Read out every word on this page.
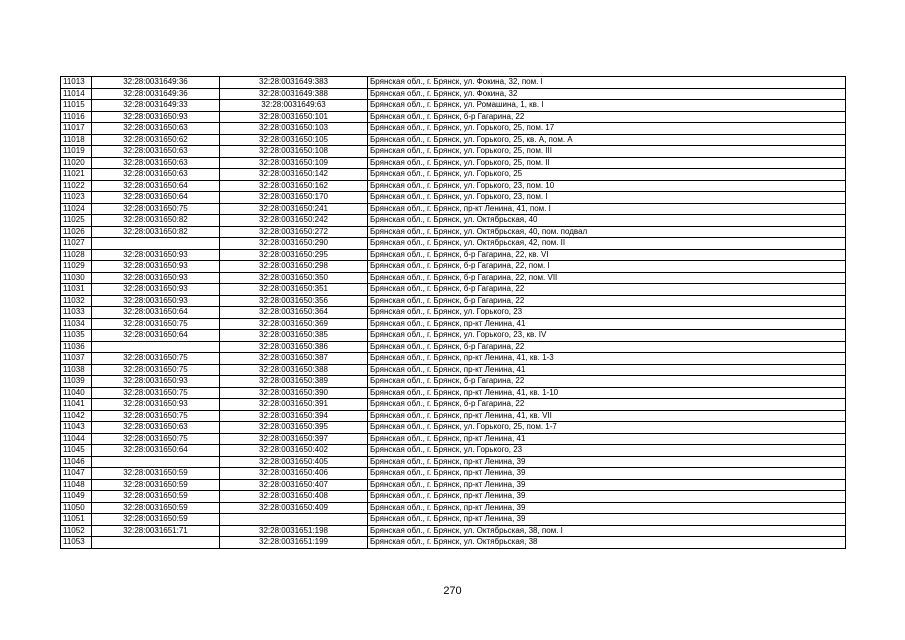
11013	32:28:0031649:36	32:28:0031649:383	Брянская обл., г. Брянск, ул. Фокина, 32, пом. I
11014	32:28:0031649:36	32:28:0031649:388	Брянская обл., г. Брянск, ул. Фокина, 32
11015	32:28:0031649:33	32:28:0031649:63	Брянская обл., г. Брянск, ул. Ромашина, 1, кв. I
11016	32:28:0031650:93	32:28:0031650:101	Брянская обл., г. Брянск, б-р Гагарина, 22
11017	32:28:0031650:63	32:28:0031650:103	Брянская обл., г. Брянск, ул. Горького, 25, пом. 17
11018	32:28:0031650:62	32:28:0031650:105	Брянская обл., г. Брянск, ул. Горького, 25, кв. А, пом. А
11019	32:28:0031650:63	32:28:0031650:108	Брянская обл., г. Брянск, ул. Горького, 25, пом. III
11020	32:28:0031650:63	32:28:0031650:109	Брянская обл., г. Брянск, ул. Горького, 25, пом. II
11021	32:28:0031650:63	32:28:0031650:142	Брянская обл., г. Брянск, ул. Горького, 25
11022	32:28:0031650:64	32:28:0031650:162	Брянская обл., г. Брянск, ул. Горького, 23, пом. 10
11023	32:28:0031650:64	32:28:0031650:170	Брянская обл., г. Брянск, ул. Горького, 23, пом. I
11024	32:28:0031650:75	32:28:0031650:241	Брянская обл., г. Брянск, пр-кт Ленина, 41, пом. I
11025	32:28:0031650:82	32:28:0031650:242	Брянская обл., г. Брянск, ул. Октябрьская, 40
11026	32:28:0031650:82	32:28:0031650:272	Брянская обл., г. Брянск, ул. Октябрьская, 40, пом. подвал
11027		32:28:0031650:290	Брянская обл., г. Брянск, ул. Октябрьская, 42, пом. II
11028	32:28:0031650:93	32:28:0031650:295	Брянская обл., г. Брянск, б-р Гагарина, 22, кв. VI
11029	32:28:0031650:93	32:28:0031650:298	Брянская обл., г. Брянск, б-р Гагарина, 22, пом. I
11030	32:28:0031650:93	32:28:0031650:350	Брянская обл., г. Брянск, б-р Гагарина, 22, пом. VII
11031	32:28:0031650:93	32:28:0031650:351	Брянская обл., г. Брянск, б-р Гагарина, 22
11032	32:28:0031650:93	32:28:0031650:356	Брянская обл., г. Брянск, б-р Гагарина, 22
11033	32:28:0031650:64	32:28:0031650:364	Брянская обл., г. Брянск, ул. Горького, 23
11034	32:28:0031650:75	32:28:0031650:369	Брянская обл., г. Брянск, пр-кт Ленина, 41
11035	32:28:0031650:64	32:28:0031650:385	Брянская обл., г. Брянск, ул. Горького, 23, кв. IV
11036		32:28:0031650:386	Брянская обл., г. Брянск, б-р Гагарина, 22
11037	32:28:0031650:75	32:28:0031650:387	Брянская обл., г. Брянск, пр-кт Ленина, 41, кв. 1-3
11038	32:28:0031650:75	32:28:0031650:388	Брянская обл., г. Брянск, пр-кт Ленина, 41
11039	32:28:0031650:93	32:28:0031650:389	Брянская обл., г. Брянск, б-р Гагарина, 22
11040	32:28:0031650:75	32:28:0031650:390	Брянская обл., г. Брянск, пр-кт Ленина, 41, кв. 1-10
11041	32:28:0031650:93	32:28:0031650:391	Брянская обл., г. Брянск, б-р Гагарина, 22
11042	32:28:0031650:75	32:28:0031650:394	Брянская обл., г. Брянск, пр-кт Ленина, 41, кв. VII
11043	32:28:0031650:63	32:28:0031650:395	Брянская обл., г. Брянск, ул. Горького, 25, пом. 1-7
11044	32:28:0031650:75	32:28:0031650:397	Брянская обл., г. Брянск, пр-кт Ленина, 41
11045	32:28:0031650:64	32:28:0031650:402	Брянская обл., г. Брянск, ул. Горького, 23
11046		32:28:0031650:405	Брянская обл., г. Брянск, пр-кт Ленина, 39
11047	32:28:0031650:59	32:28:0031650:406	Брянская обл., г. Брянск, пр-кт Ленина, 39
11048	32:28:0031650:59	32:28:0031650:407	Брянская обл., г. Брянск, пр-кт Ленина, 39
11049	32:28:0031650:59	32:28:0031650:408	Брянская обл., г. Брянск, пр-кт Ленина, 39
11050	32:28:0031650:59	32:28:0031650:409	Брянская обл., г. Брянск, пр-кт Ленина, 39
11051	32:28:0031650:59		Брянская обл., г. Брянск, пр-кт Ленина, 39
11052	32:28:0031651:71	32:28:0031651:198	Брянская обл., г. Брянск, ул. Октябрьская, 38, пом. I
11053		32:28:0031651:199	Брянская обл., г. Брянск, ул. Октябрьская, 38
270
